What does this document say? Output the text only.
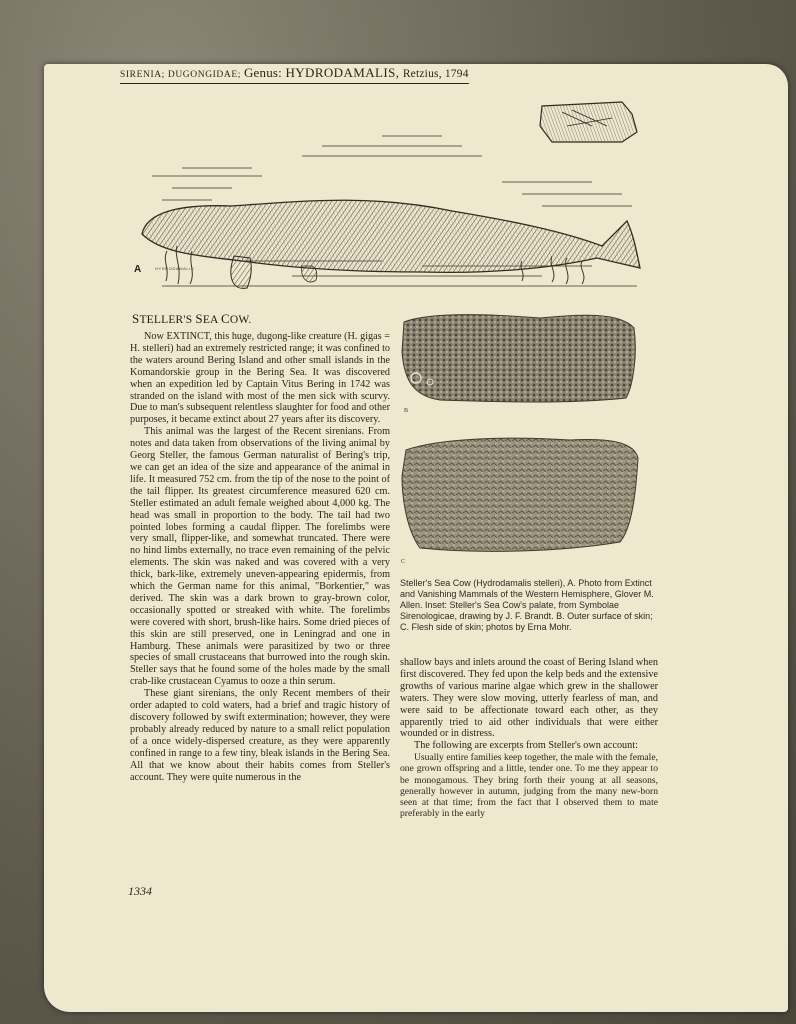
SIRENIA; DUGONGIDAE; Genus: HYDRODAMALIS, Retzius, 1794
A	HYDRODAMALIS
STELLER'S SEA COW.

Now EXTINCT, this huge, dugong-like creature (H. gigas = H. stelleri) had an extremely restricted range; it was confined to the waters around Bering Island and other small islands in the Komandorskie group in the Bering Sea. It was discovered when an expedition led by Captain Vitus Bering in 1742 was stranded on the island with most of the men sick with scurvy. Due to man's subsequent relentless slaughter for food and other purposes, it became extinct about 27 years after its discovery.

This animal was the largest of the Recent sirenians. From notes and data taken from observations of the living animal by Georg Steller, the famous German naturalist of Bering's trip, we can get an idea of the size and appearance of the animal in life. It measured 752 cm. from the tip of the nose to the point of the tail flipper. Its greatest circumference measured 620 cm. Steller estimated an adult female weighed about 4,000 kg. The head was small in proportion to the body. The tail had two pointed lobes forming a caudal flipper. The forelimbs were very small, flipper-like, and somewhat truncated. There were no hind limbs externally, no trace even remaining of the pelvic elements. The skin was naked and was covered with a very thick, bark-like, extremely uneven-appearing epidermis, from which the German name for this animal, "Borkentier," was derived. The skin was a dark brown to gray-brown color, occasionally spotted or streaked with white. The forelimbs were covered with short, brush-like hairs. Some dried pieces of this skin are still preserved, one in Leningrad and one in Hamburg. These animals were parasitized by two or three species of small crustaceans that burrowed into the rough skin. Steller says that he found some of the holes made by the small crab-like crustacean Cyamus to ooze a thin serum.

These giant sirenians, the only Recent members of their order adapted to cold waters, had a brief and tragic history of discovery followed by swift extermination; however, they were probably already reduced by nature to a small relict population of a once widely-dispersed creature, as they were apparently confined in range to a few tiny, bleak islands in the Bering Sea. All that we know about their habits comes from Steller's account. They were quite numerous in the

B
C
Steller's Sea Cow (Hydrodamalis stelleri), A. Photo from Extinct and Vanishing Mammals of the Western Hemisphere, Glover M. Allen. Inset: Steller's Sea Cow's palate, from Symbolae Sirenologicae, drawing by J. F. Brandt. B. Outer surface of skin; C. Flesh side of skin; photos by Erna Mohr.

shallow bays and inlets around the coast of Bering Island when first discovered. They fed upon the kelp beds and the extensive growths of various marine algae which grew in the shallower waters. They were slow moving, utterly fearless of man, and were said to be affectionate toward each other, as they apparently tried to aid other individuals that were either wounded or in distress.

The following are excerpts from Steller's own account:

Usually entire families keep together, the male with the female, one grown offspring and a little, tender one. To me they appear to be monogamous. They bring forth their young at all seasons, generally however in autumn, judging from the many new-born seen at that time; from the fact that I observed them to mate preferably in the early

1334
